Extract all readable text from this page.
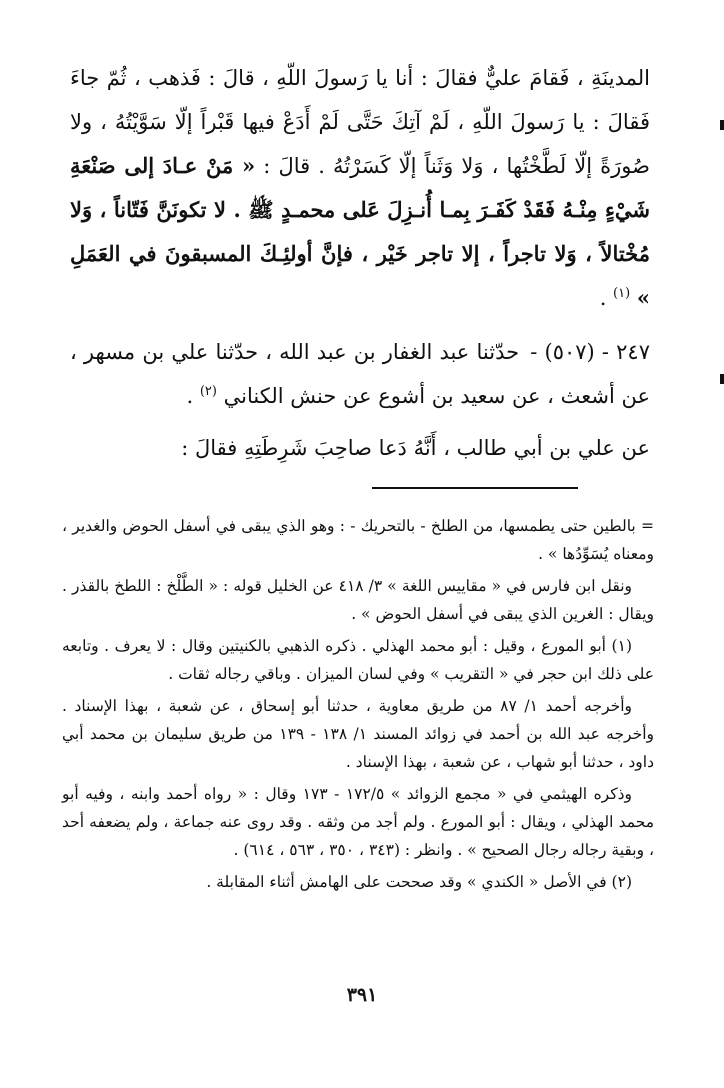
المدينَةِ ، فَقامَ عليٌّ فقالَ : أنا يا رَسولَ اللّهِ ، قالَ : فَذهب ، ثُمّ جاءَ فَقالَ : يا رَسولَ اللّهِ ، لَمْ آتِكَ حَتَّى لَمْ أَدَعْ فيها قَبْراً إلّا سَوَّيْتُهُ ، ولا صُورَةً إلّا لَطَّخْتُها ، وَلا وَثَناً إلّا كَسَرْتُهُ . قالَ : « مَنْ عـادَ إلى صَنْعَةِ شَيْءٍ مِنْـهُ فَقَدْ كَفَـرَ بِمـا أُنـزِلَ عَلى محمـدٍ ﷺ . لا تكونَنَّ فَتّاناً ، وَلا مُخْتالاً ، وَلا تاجراً ، إلا تاجر خَيْر ، فإنَّ أولئِـكَ المسبقونَ في العَمَلِ » $^{(١)}$ .

٢٤٧ - (٥٠٧) - حدّثنا عبد الغفار بن عبد الله ، حدّثنا علي بن مسهر ، عن أشعث ، عن سعيد بن أشوع عن حنش الكناني $^{(٢)}$ .

عن علي بن أبي طالب ، أَنَّهُ دَعا صاحِبَ شَرِطَتِهِ فقالَ :

= بالطين حتى يطمسها، من الطلخ - بالتحريك - : وهو الذي يبقى في أسفل الحوض والغدير ، ومعناه يُسَوِّدُها » .

ونقل ابن فارس في « مقاييس اللغة » ٣/ ٤١٨ عن الخليل قوله : « الطَّلْخ : اللطخ بالقذر . ويقال : الغرين الذي يبقى في أسفل الحوض » .

(١) أبو المورع ، وقيل : أبو محمد الهذلي . ذكره الذهبي بالكنيتين وقال : لا يعرف . وتابعه على ذلك ابن حجر في « التقريب » وفي لسان الميزان . وباقي رجاله ثقات .

وأخرجه أحمد ١/ ٨٧ من طريق معاوية ، حدثنا أبو إسحاق ، عن شعبة ، بهذا الإسناد . وأخرجه عبد الله بن أحمد في زوائد المسند ١/ ١٣٨ - ١٣٩ من طريق سليمان بن محمد أبي داود ، حدثنا أبو شهاب ، عن شعبة ، بهذا الإسناد .

وذكره الهيثمي في « مجمع الزوائد » ١٧٢/٥ - ١٧٣ وقال : « رواه أحمد وابنه ، وفيه أبو محمد الهذلي ، ويقال : أبو المورع . ولم أجد من وثقه . وقد روى عنه جماعة ، ولم يضعفه أحد ، وبقية رجاله رجال الصحيح » . وانظر : (٣٤٣ ، ٣٥٠ ، ٥٦٣ ، ٦١٤) .

(٢) في الأصل « الكندي » وقد صححت على الهامش أثناء المقابلة .

٣٩١
